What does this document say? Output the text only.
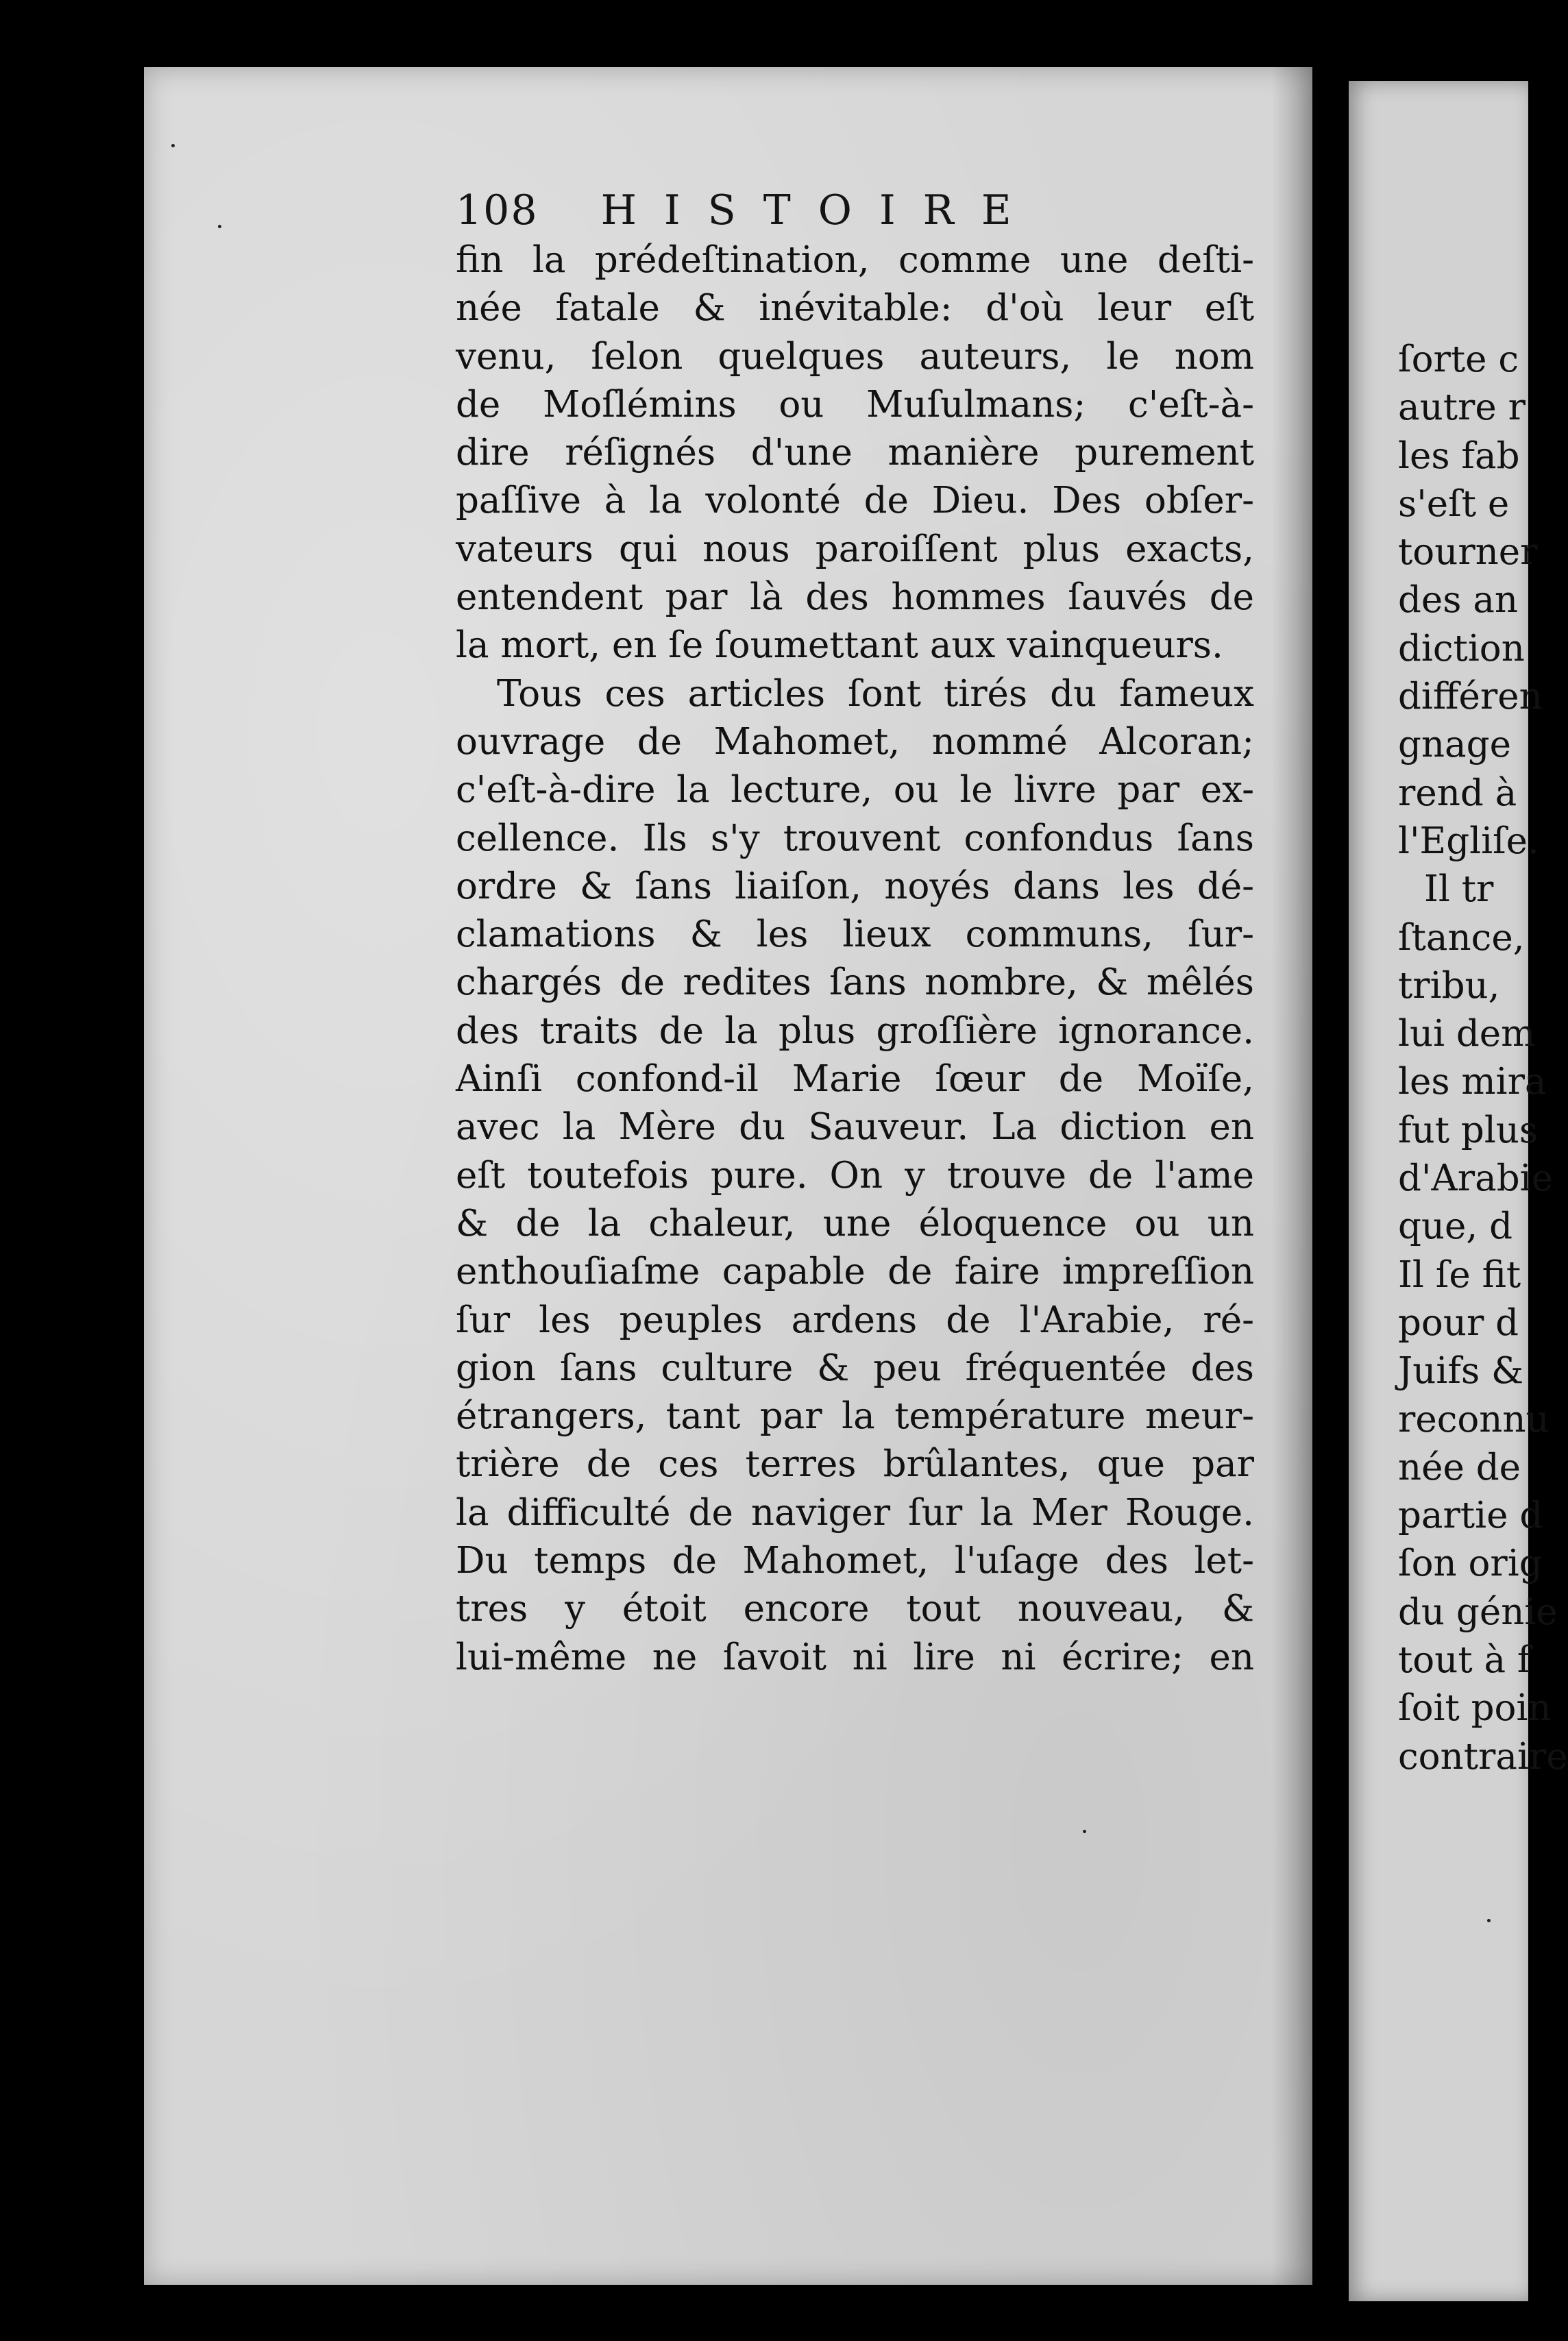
108 HISTOIRE
fin la prédeſtination, comme une deſti-
née fatale & inévitable: d'où leur eſt
venu, ſelon quelques auteurs, le nom
de Moſlémins ou Muſulmans; c'eſt-à-
dire réſignés d'une manière purement
paſſive à la volonté de Dieu. Des obſer-
vateurs qui nous paroiſſent plus exacts,
entendent par là des hommes ſauvés de
la mort, en ſe ſoumettant aux vainqueurs.
Tous ces articles ſont tirés du fameux
ouvrage de Mahomet, nommé Alcoran;
c'eſt-à-dire la lecture, ou le livre par ex-
cellence. Ils s'y trouvent confondus ſans
ordre & ſans liaiſon, noyés dans les dé-
clamations & les lieux communs, ſur-
chargés de redites ſans nombre, & mêlés
des traits de la plus groſſière ignorance.
Ainſi confond-il Marie ſœur de Moïſe,
avec la Mère du Sauveur. La diction en
eſt toutefois pure. On y trouve de l'ame
& de la chaleur, une éloquence ou un
enthouſiaſme capable de faire impreſſion
ſur les peuples ardens de l'Arabie, ré-
gion ſans culture & peu fréquentée des
étrangers, tant par la température meur-
trière de ces terres brûlantes, que par
la difficulté de naviger ſur la Mer Rouge.
Du temps de Mahomet, l'uſage des let-
tres y étoit encore tout nouveau, &
lui-même ne ſavoit ni lire ni écrire; en
ſorte c
autre r
les fab
s'eſt e
tourner
des an
diction
différen
gnage
rend à
l'Egliſe.
Il tr
ſtance,
tribu,
lui dem
les mira
fut plus
d'Arabie
que, d
Il ſe fit
pour d
Juifs &
reconnu
née de
partie d
ſon orig
du génie
tout à f
ſoit poin
contraire
